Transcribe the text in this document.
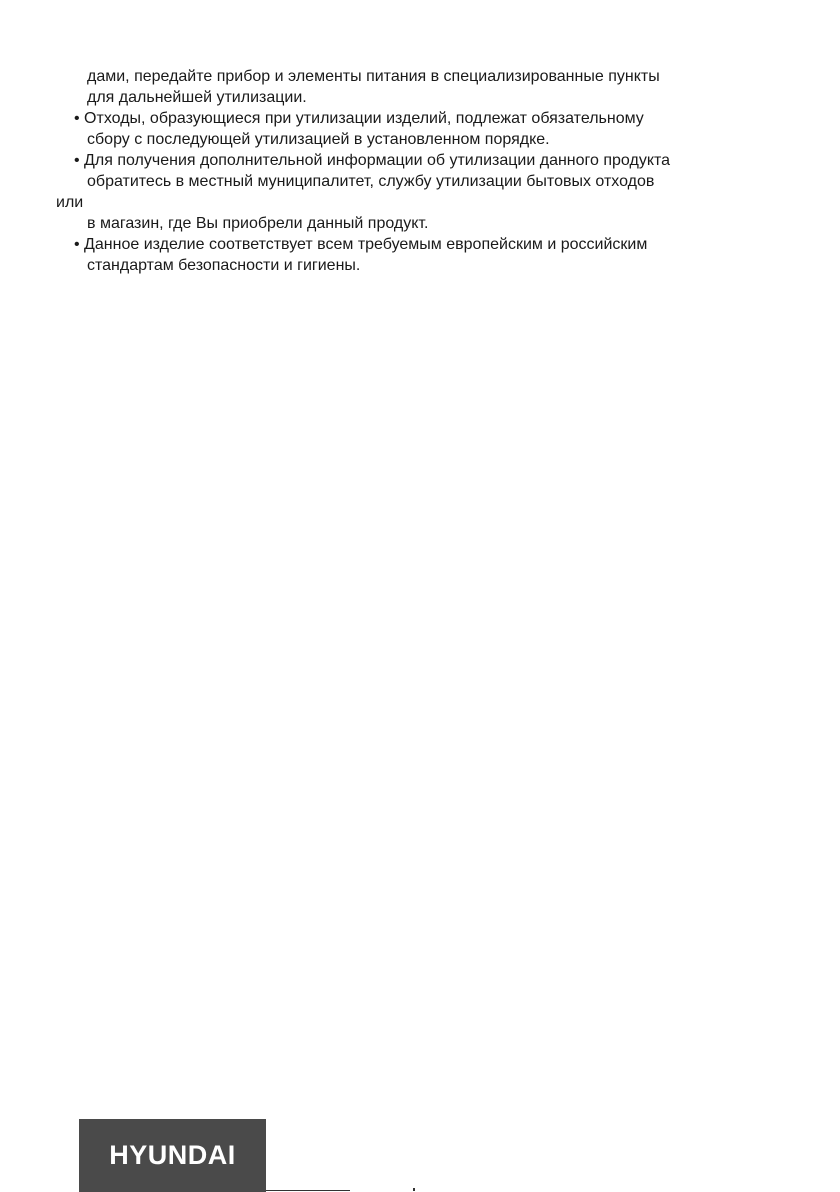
дами, передайте прибор и элементы питания в специализированные пункты
для дальнейшей утилизации.
• Отходы, образующиеся при утилизации изделий, подлежат обязательному
сбору с последующей утилизацией в установленном порядке.
• Для получения дополнительной информации об утилизации данного продукта
обратитесь в местный муниципалитет, службу утилизации бытовых отходов
или
в магазин, где Вы приобрели данный продукт.
• Данное изделие соответствует всем требуемым европейским и российским
стандартам безопасности и гигиены.
HYUNDAI
